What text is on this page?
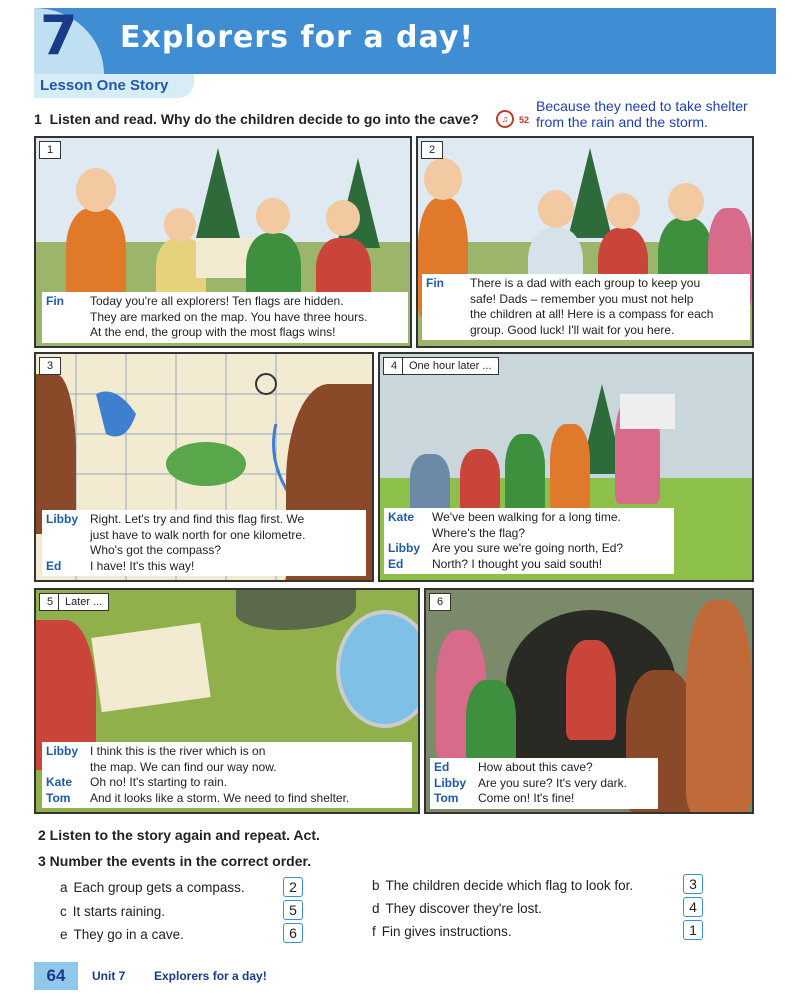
7 Explorers for a day!
Lesson One Story
1 Listen and read. Why do the children decide to go into the cave?	♫	52
Because they need to take shelter from the rain and the storm.
1
Fin	Today you're all explorers! Ten flags are hidden.
They are marked on the map. You have three hours.
At the end, the group with the most flags wins!
2
Fin	There is a dad with each group to keep you
safe! Dads – remember you must not help
the children at all! Here is a compass for each
group. Good luck! I'll wait for you here.
3
Libby	Right. Let's try and find this flag first. We
just have to walk north for one kilometre.
Who's got the compass?
Ed	I have! It's this way!
4	One hour later ...
Kate	We've been walking for a long time.
Where's the flag?
Libby	Are you sure we're going north, Ed?
Ed	North? I thought you said south!
5	Later ...
Libby	I think this is the river which is on
the map. We can find our way now.
Kate	Oh no! It's starting to rain.
Tom	And it looks like a storm. We need to find shelter.
6
Ed	How about this cave?
Libby	Are you sure? It's very dark.
Tom	Come on! It's fine!
2 Listen to the story again and repeat. Act.
3 Number the events in the correct order.
a Each group gets a compass.	2	b The children decide which flag to look for.	3
c It starts raining.	5	d They discover they're lost.	4
e They go in a cave.	6	f Fin gives instructions.	1
64	Unit 7 Explorers for a day!
